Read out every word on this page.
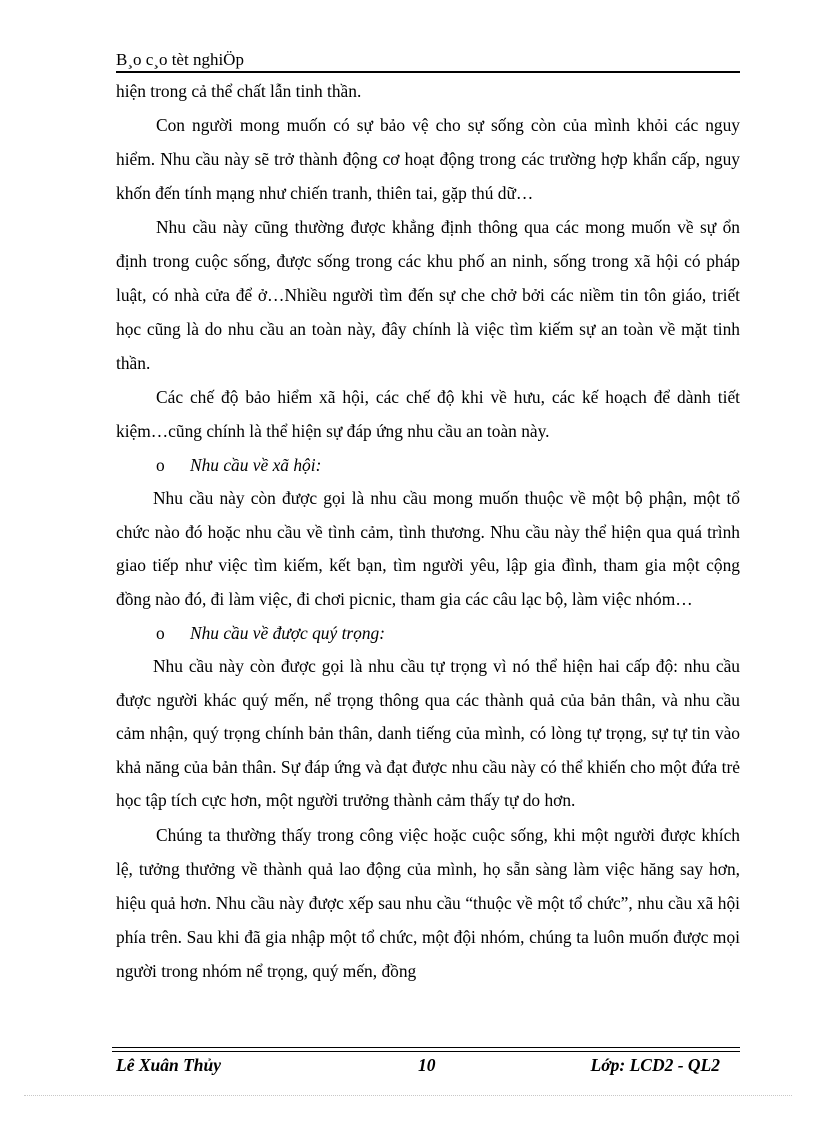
B¸o c¸o tèt nghiÖp

hiện trong cả thể chất lẫn tinh thần.

Con người mong muốn có sự bảo vệ cho sự sống còn của mình khỏi các nguy hiểm. Nhu cầu này sẽ trở thành động cơ hoạt động trong các trường hợp khẩn cấp, nguy khốn đến tính mạng như chiến tranh, thiên tai, gặp thú dữ…

Nhu cầu này cũng thường được khẳng định thông qua các mong muốn về sự ổn định trong cuộc sống, được sống trong các khu phố an ninh, sống trong xã hội có pháp luật, có nhà cửa để ở…Nhiều người tìm đến sự che chở bởi các niềm tin tôn giáo, triết học cũng là do nhu cầu an toàn này, đây chính là việc tìm kiếm sự an toàn về mặt tinh thần.

Các chế độ bảo hiểm xã hội, các chế độ khi về hưu, các kế hoạch để dành tiết kiệm…cũng chính là thể hiện sự đáp ứng nhu cầu an toàn này.

o Nhu cầu về xã hội:

Nhu cầu này còn được gọi là nhu cầu mong muốn thuộc về một bộ phận, một tổ chức nào đó hoặc nhu cầu về tình cảm, tình thương. Nhu cầu này thể hiện qua quá trình giao tiếp như việc tìm kiếm, kết bạn, tìm người yêu, lập gia đình, tham gia một cộng đồng nào đó, đi làm việc, đi chơi picnic, tham gia các câu lạc bộ, làm việc nhóm…

o Nhu cầu về được quý trọng:

Nhu cầu này còn được gọi là nhu cầu tự trọng vì nó thể hiện hai cấp độ: nhu cầu được người khác quý mến, nể trọng thông qua các thành quả của bản thân, và nhu cầu cảm nhận, quý trọng chính bản thân, danh tiếng của mình, có lòng tự trọng, sự tự tin vào khả năng của bản thân. Sự đáp ứng và đạt được nhu cầu này có thể khiến cho một đứa trẻ học tập tích cực hơn, một người trưởng thành cảm thấy tự do hơn.

Chúng ta thường thấy trong công việc hoặc cuộc sống, khi một người được khích lệ, tưởng thưởng về thành quả lao động của mình, họ sẵn sàng làm việc hăng say hơn, hiệu quả hơn. Nhu cầu này được xếp sau nhu cầu “thuộc về một tổ chức”, nhu cầu xã hội phía trên. Sau khi đã gia nhập một tổ chức, một đội nhóm, chúng ta luôn muốn được mọi người trong nhóm nể trọng, quý mến, đồng

Lê Xuân Thủy	10	Lớp: LCD2 - QL2
